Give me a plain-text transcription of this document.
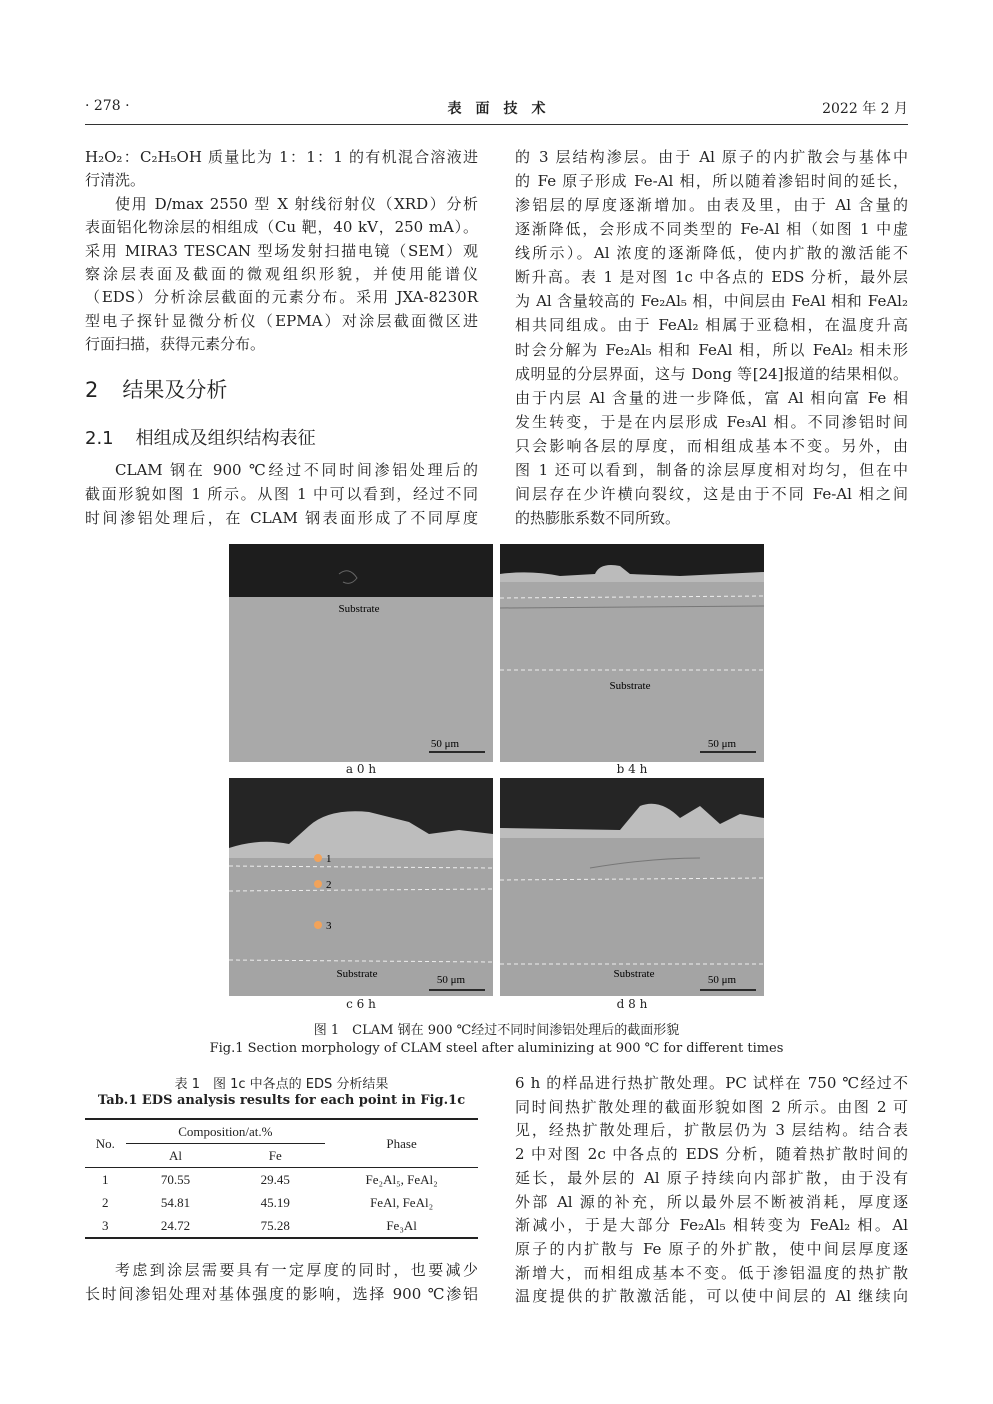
· 278 ·	表　面　技　术	2022 年 2 月
H₂O₂：C₂H₅OH 质量比为 1：1：1 的有机混合溶液进
行清洗。
使用 D/max 2550 型 X 射线衍射仪（XRD）分析
表面铝化物涂层的相组成（Cu 靶，40 kV，250 mA）。
采用 MIRA3 TESCAN 型场发射扫描电镜（SEM）观
察涂层表面及截面的微观组织形貌，并使用能谱仪
（EDS）分析涂层截面的元素分布。采用 JXA-8230R
型电子探针显微分析仪（EPMA）对涂层截面微区进
行面扫描，获得元素分布。
2 结果及分析
2.1 相组成及组织结构表征
CLAM 钢在 900 ℃经过不同时间渗铝处理后的
截面形貌如图 1 所示。从图 1 中可以看到，经过不同
时间渗铝处理后，在 CLAM 钢表面形成了不同厚度
的 3 层结构渗层。由于 Al 原子的内扩散会与基体中
的 Fe 原子形成 Fe-Al 相，所以随着渗铝时间的延长，
渗铝层的厚度逐渐增加。由表及里，由于 Al 含量的
逐渐降低，会形成不同类型的 Fe-Al 相（如图 1 中虚
线所示）。Al 浓度的逐渐降低，使内扩散的激活能不
断升高。表 1 是对图 1c 中各点的 EDS 分析，最外层
为 Al 含量较高的 Fe₂Al₅ 相，中间层由 FeAl 相和 FeAl₂
相共同组成。由于 FeAl₂ 相属于亚稳相，在温度升高
时会分解为 Fe₂Al₅ 相和 FeAl 相，所以 FeAl₂ 相未形
成明显的分层界面，这与 Dong 等[24]报道的结果相似。
由于内层 Al 含量的进一步降低，富 Al 相向富 Fe 相
发生转变，于是在内层形成 Fe₃Al 相。不同渗铝时间
只会影响各层的厚度，而相组成基本不变。另外，由
图 1 还可以看到，制备的涂层厚度相对均匀，但在中
间层存在少许横向裂纹，这是由于不同 Fe-Al 相之间
的热膨胀系数不同所致。
Substrate
50 μm
Substrate
50 μm
1
2
3
Substrate	50 μm	Substrate	50 μm
a 0 h	b 4 h
c 6 h	d 8 h
图 1　CLAM 钢在 900 ℃经过不同时间渗铝处理后的截面形貌
Fig.1 Section morphology of CLAM steel after aluminizing at 900 ℃ for different times
表 1　图 1c 中各点的 EDS 分析结果
Tab.1 EDS analysis results for each point in Fig.1c
No.	Composition/at.%		Phase
	Al	Fe	
1	70.55	29.45	Fe₂Al₅, FeAl₂
2	54.81	45.19	FeAl, FeAl₂
3	24.72	75.28	Fe₃Al
考虑到涂层需要具有一定厚度的同时，也要减少
长时间渗铝处理对基体强度的影响，选择 900 ℃渗铝
6 h 的样品进行热扩散处理。PC 试样在 750 ℃经过不
同时间热扩散处理的截面形貌如图 2 所示。由图 2 可
见，经热扩散处理后，扩散层仍为 3 层结构。结合表
2 中对图 2c 中各点的 EDS 分析，随着热扩散时间的
延长，最外层的 Al 原子持续向内部扩散，由于没有
外部 Al 源的补充，所以最外层不断被消耗，厚度逐
渐减小，于是大部分 Fe₂Al₅ 相转变为 FeAl₂ 相。Al
原子的内扩散与 Fe 原子的外扩散，使中间层厚度逐
渐增大，而相组成基本不变。低于渗铝温度的热扩散
温度提供的扩散激活能，可以使中间层的 Al 继续向
